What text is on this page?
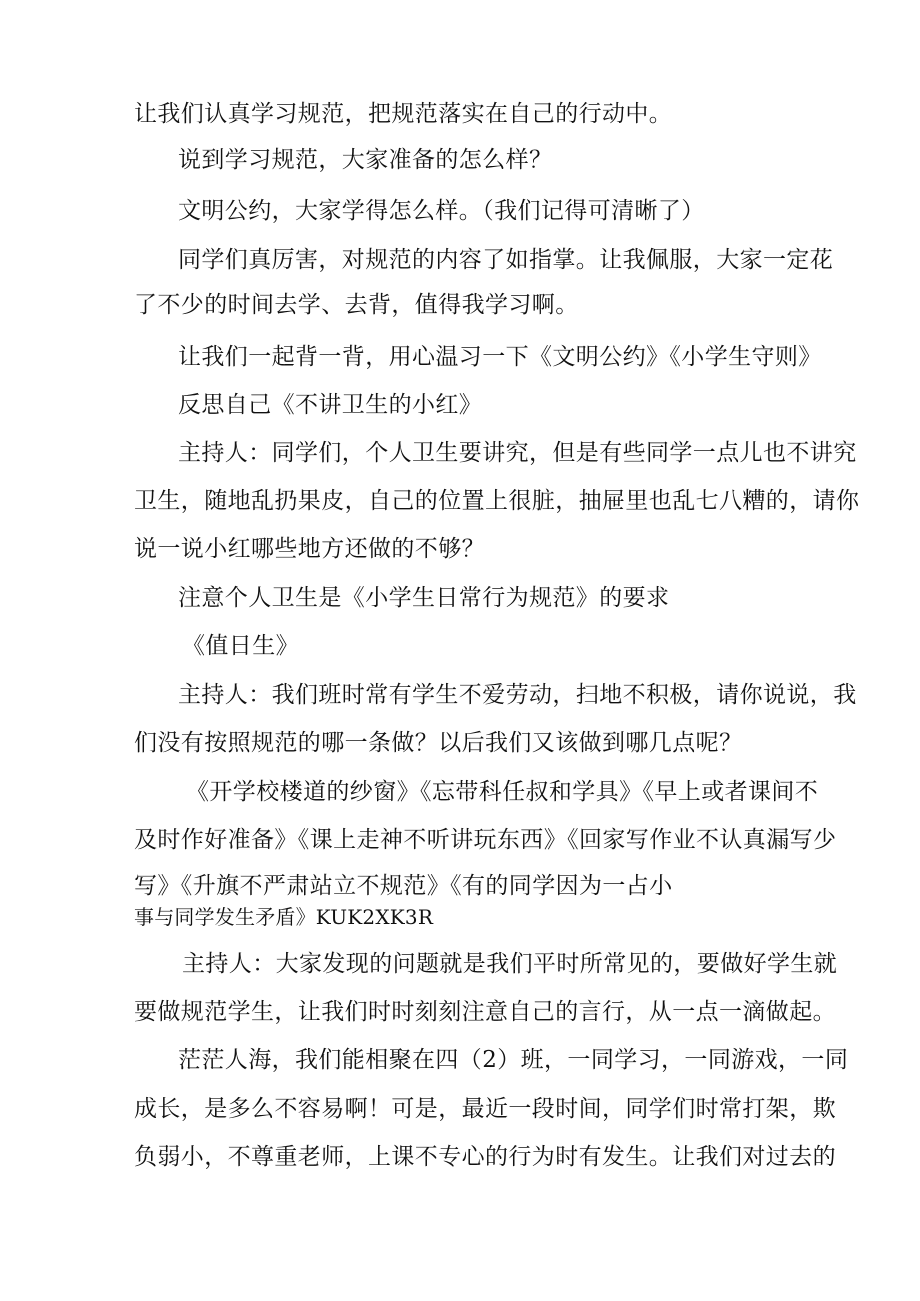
让我们认真学习规范，把规范落实在自己的行动中。
说到学习规范，大家准备的怎么样？
文明公约，大家学得怎么样。（我们记得可清晰了）
同学们真厉害，对规范的内容了如指掌。让我佩服，大家一定花
了不少的时间去学、去背，值得我学习啊。
让我们一起背一背，用心温习一下《文明公约》《小学生守则》
反思自己《不讲卫生的小红》
主持人：同学们，个人卫生要讲究，但是有些同学一点儿也不讲究
卫生，随地乱扔果皮，自己的位置上很脏，抽屉里也乱七八糟的，请你
说一说小红哪些地方还做的不够？
注意个人卫生是《小学生日常行为规范》的要求
《值日生》
主持人：我们班时常有学生不爱劳动，扫地不积极，请你说说，我
们没有按照规范的哪一条做？以后我们又该做到哪几点呢？
《开学校楼道的纱窗》《忘带科任叔和学具》《早上或者课间不
及时作好准备》《课上走神不听讲玩东西》《回家写作业不认真漏写少
写》《升旗不严肃站立不规范》《有的同学因为一占小
事与同学发生矛盾》KUK2XK3R
主持人：大家发现的问题就是我们平时所常见的，要做好学生就
要做规范学生，让我们时时刻刻注意自己的言行，从一点一滴做起。
茫茫人海，我们能相聚在四（2）班，一同学习，一同游戏，一同
成长，是多么不容易啊！可是，最近一段时间，同学们时常打架，欺
负弱小，不尊重老师，上课不专心的行为时有发生。让我们对过去的
